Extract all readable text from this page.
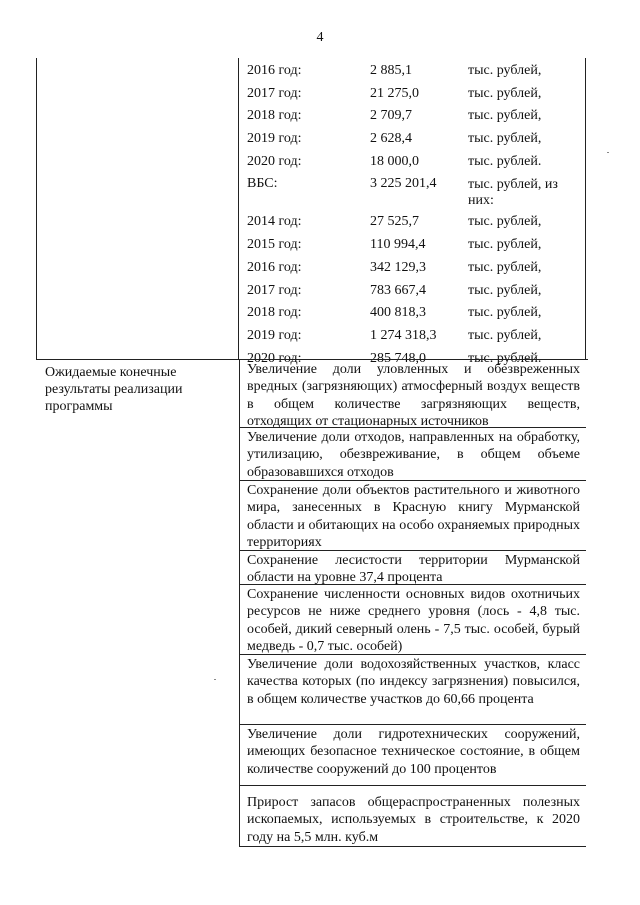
4
2016 год:	2 885,1	тыс. рублей,
2017 год:	21 275,0	тыс. рублей,
2018 год:	2 709,7	тыс. рублей,
2019 год:	2 628,4	тыс. рублей,
2020 год:	18 000,0	тыс. рублей.
ВБС:	3 225 201,4 тыс. рублей, из них:
2014 год:	27 525,7	тыс. рублей,
2015 год:	110 994,4	тыс. рублей,
2016 год:	342 129,3	тыс. рублей,
2017 год:	783 667,4	тыс. рублей,
2018 год:	400 818,3	тыс. рублей,
2019 год:	1 274 318,3 тыс. рублей,
2020 год:	285 748,0	тыс. рублей.
Ожидаемые конечные результаты реализации программы
Увеличение доли уловленных и обезвреженных вредных (загрязняющих) атмосферный воздух веществ в общем количестве загрязняющих веществ, отходящих от стационарных источников
Увеличение доли отходов, направленных на обработку, утилизацию, обезвреживание, в общем объеме образовавшихся отходов
Сохранение доли объектов растительного и животного мира, занесенных в Красную книгу Мурманской области и обитающих на особо охраняемых природных территориях
Сохранение лесистости территории Мурманской области на уровне 37,4 процента
Сохранение численности основных видов охотничьих ресурсов не ниже среднего уровня (лось - 4,8 тыс. особей, дикий северный олень - 7,5 тыс. особей, бурый медведь - 0,7 тыс. особей)
Увеличение доли водохозяйственных участков, класс качества которых (по индексу загрязнения) повысился, в общем количестве участков до 60,66 процента
Увеличение доли гидротехнических сооружений, имеющих безопасное техническое состояние, в общем количестве сооружений до 100 процентов
Прирост запасов общераспространенных полезных ископаемых, используемых в строительстве, к 2020 году на 5,5 млн. куб.м
